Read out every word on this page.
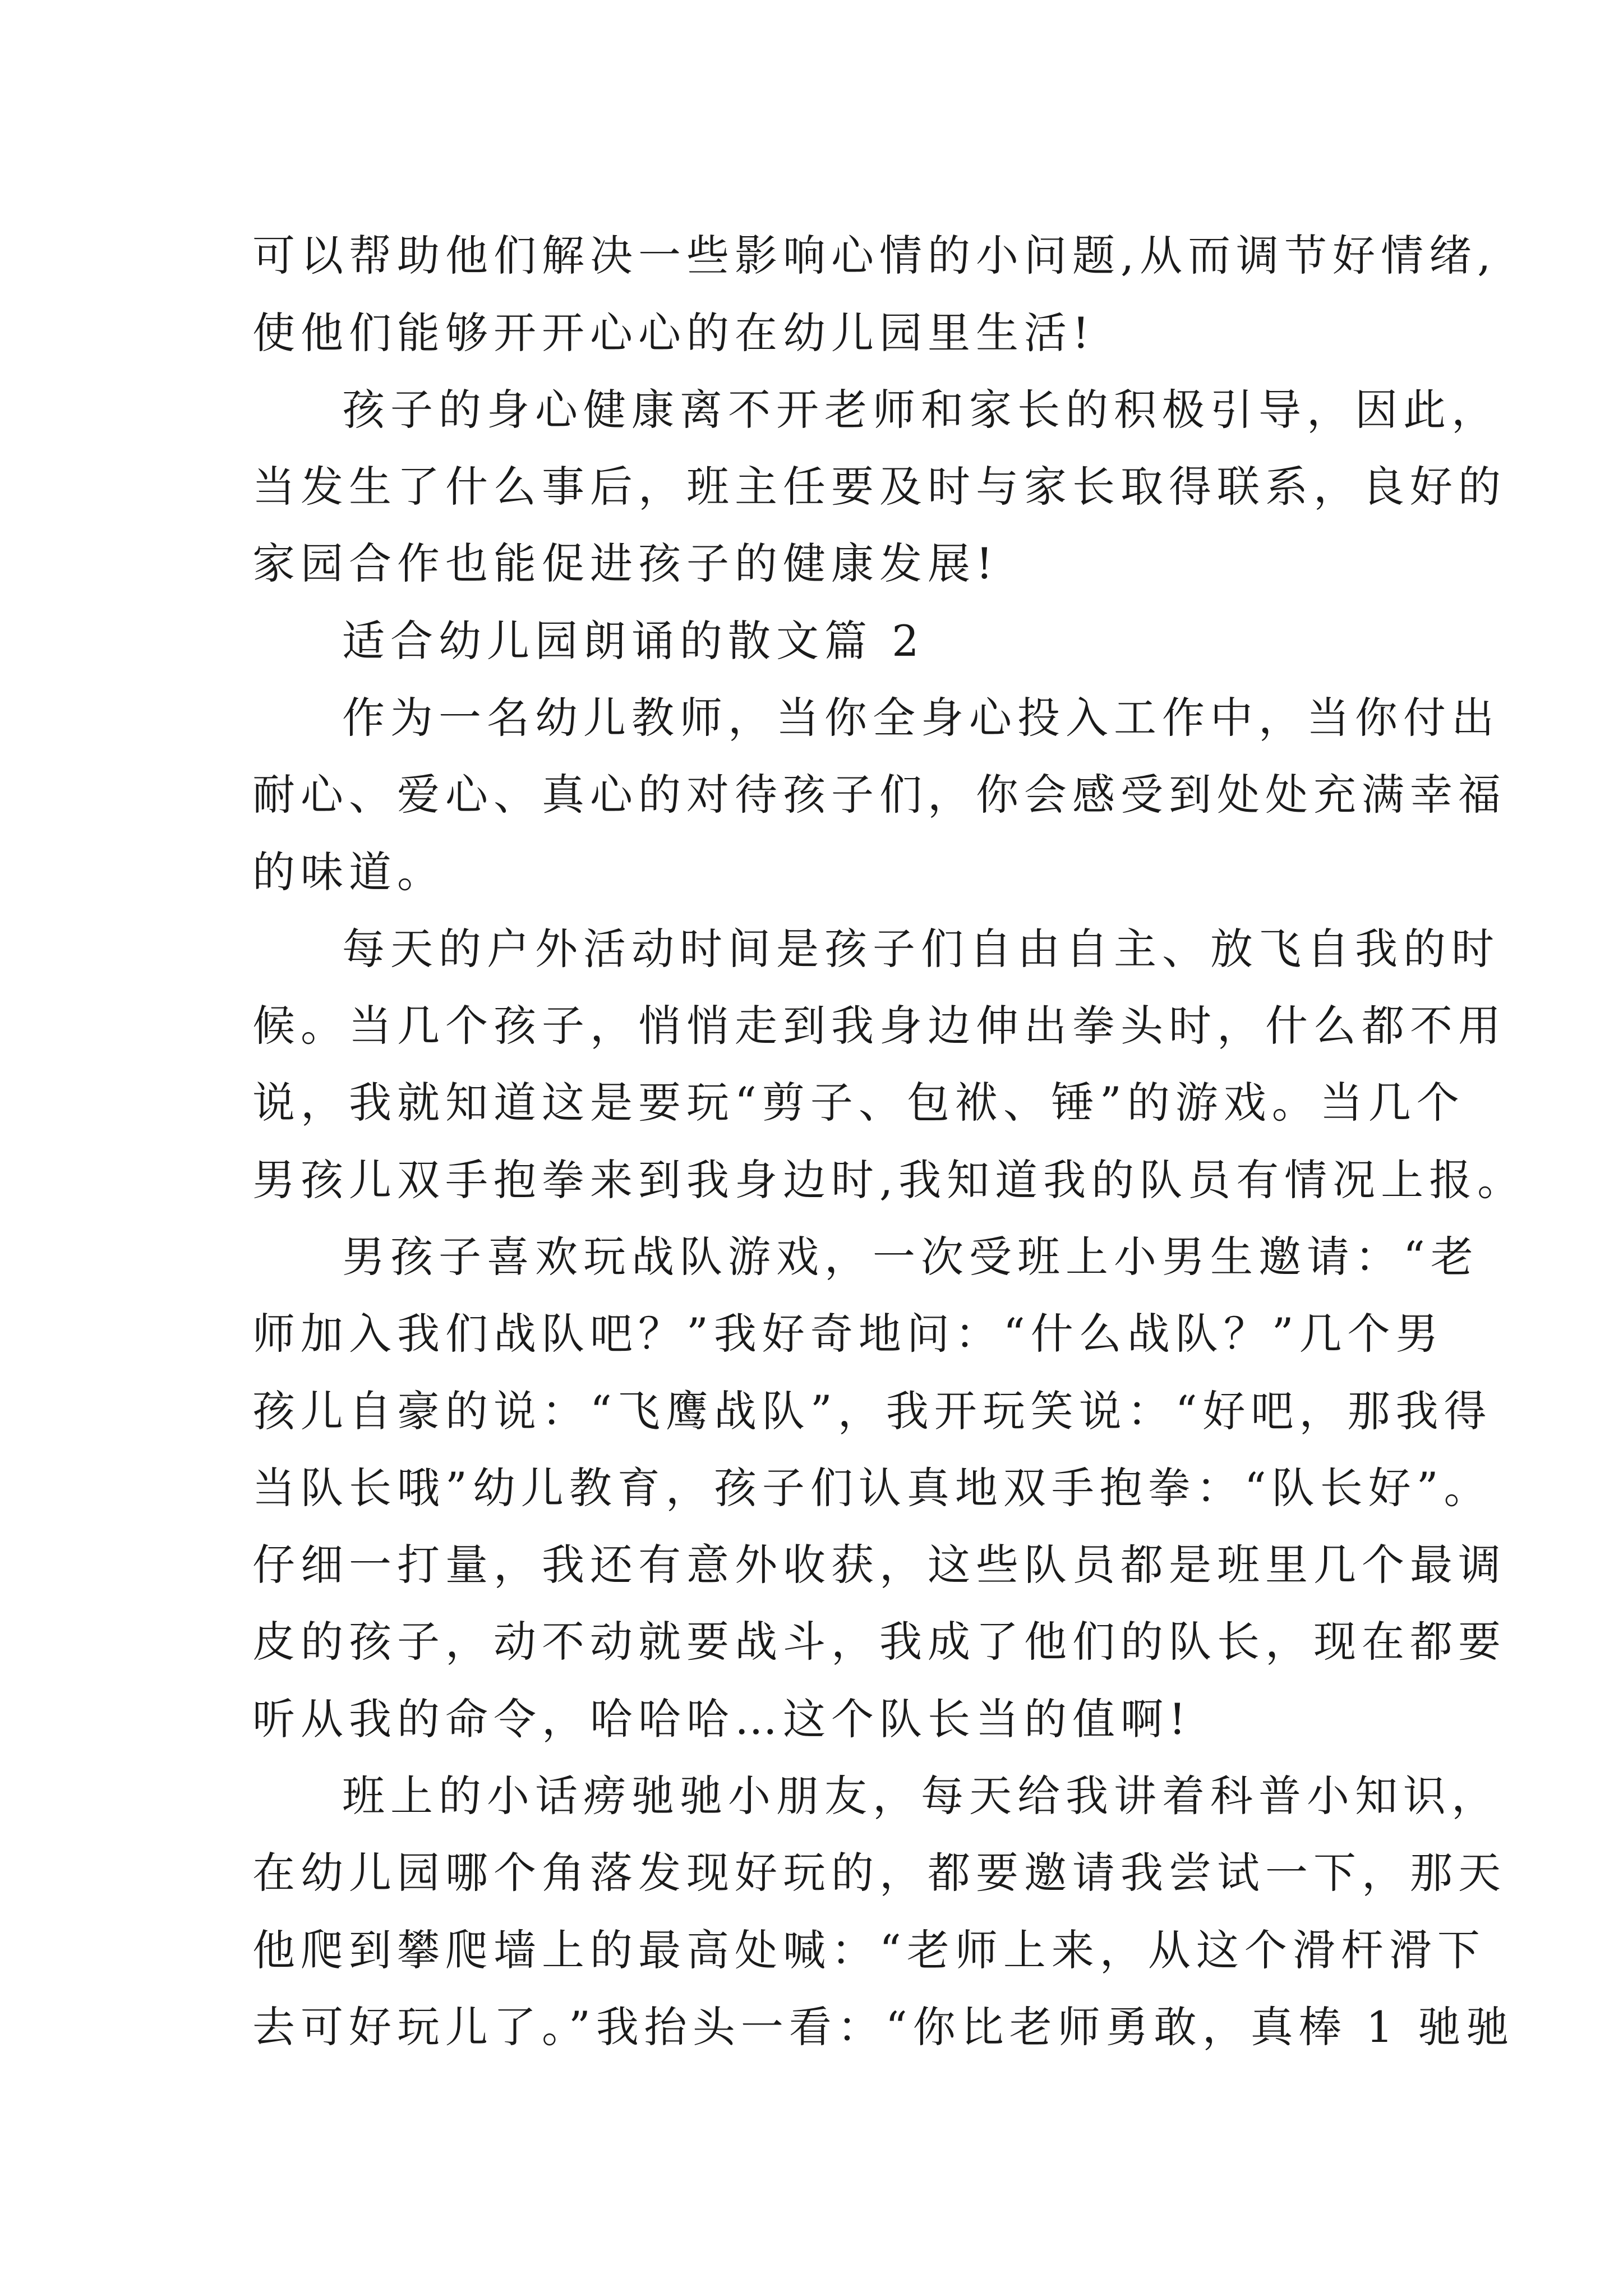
可以帮助他们解决一些影响心情的小问题,从而调节好情绪,
使他们能够开开心心的在幼儿园里生活!
孩子的身心健康离不开老师和家长的积极引导，因此，
当发生了什么事后，班主任要及时与家长取得联系，良好的
家园合作也能促进孩子的健康发展!
适合幼儿园朗诵的散文篇 2
作为一名幼儿教师，当你全身心投入工作中，当你付出
耐心、爱心、真心的对待孩子们，你会感受到处处充满幸福
的味道。
每天的户外活动时间是孩子们自由自主、放飞自我的时
候。当几个孩子，悄悄走到我身边伸出拳头时，什么都不用
说，我就知道这是要玩“剪子、包袱、锤”的游戏。当几个
男孩儿双手抱拳来到我身边时,我知道我的队员有情况上报。
男孩子喜欢玩战队游戏，一次受班上小男生邀请：“老
师加入我们战队吧？”我好奇地问：“什么战队？”几个男
孩儿自豪的说：“飞鹰战队”，我开玩笑说：“好吧，那我得
当队长哦”幼儿教育，孩子们认真地双手抱拳：“队长好”。
仔细一打量，我还有意外收获，这些队员都是班里几个最调
皮的孩子，动不动就要战斗，我成了他们的队长，现在都要
听从我的命令，哈哈哈…这个队长当的值啊!
班上的小话痨驰驰小朋友，每天给我讲着科普小知识，
在幼儿园哪个角落发现好玩的，都要邀请我尝试一下，那天
他爬到攀爬墙上的最高处喊：“老师上来，从这个滑杆滑下
去可好玩儿了。”我抬头一看：“你比老师勇敢，真棒 1 驰驰
